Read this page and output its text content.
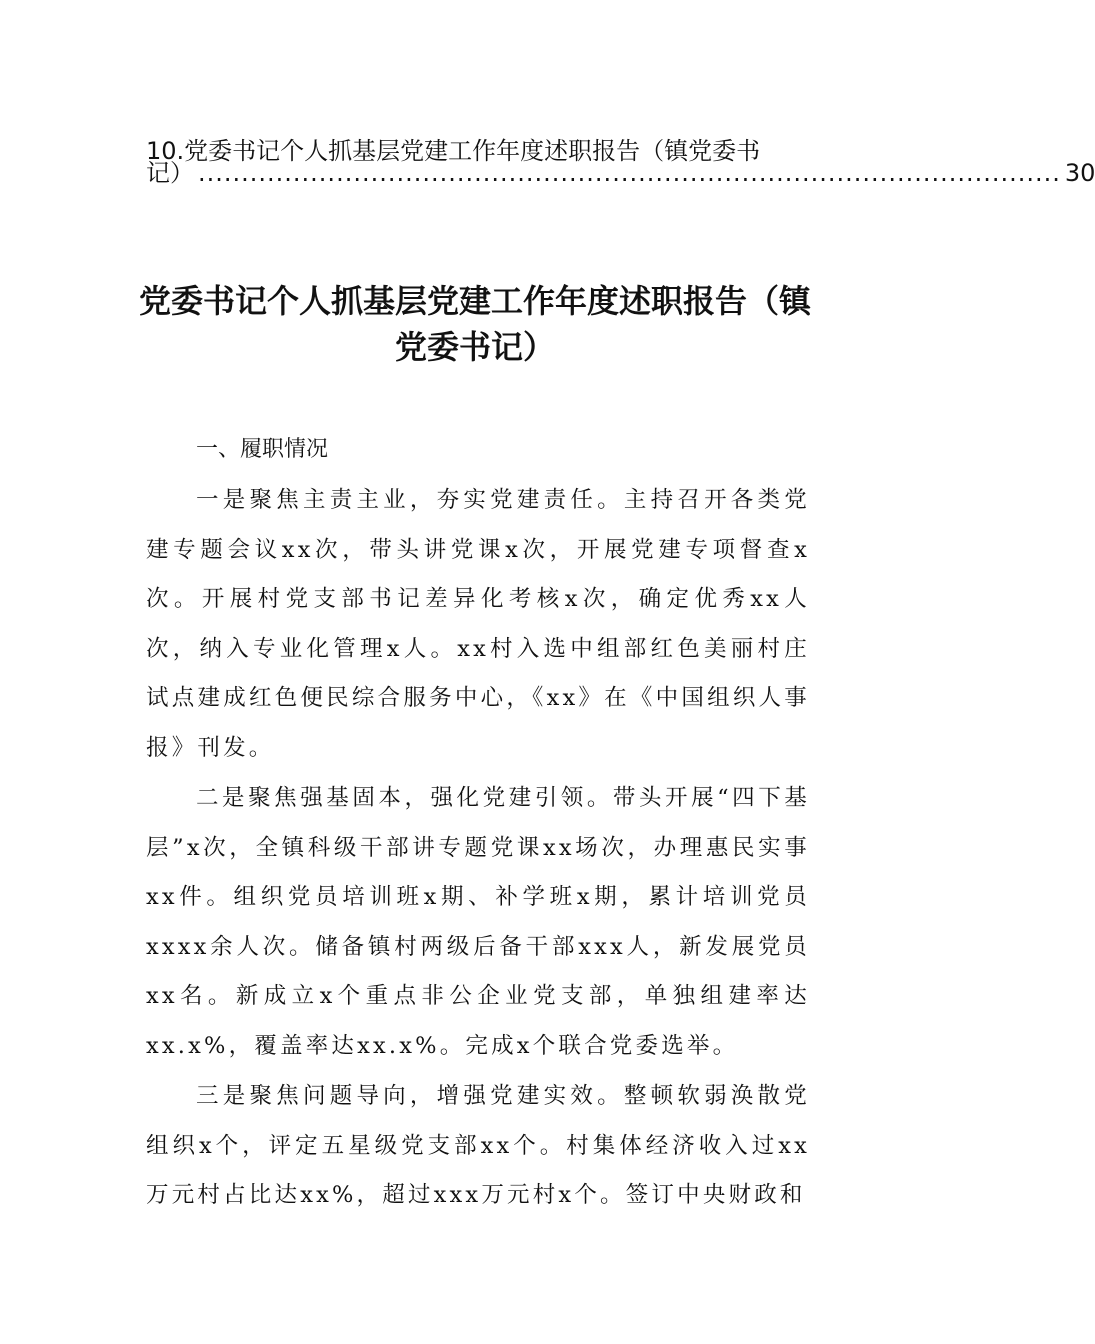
10.党委书记个人抓基层党建工作年度述职报告（镇党委书
记） .................................................................................................... 30
党委书记个人抓基层党建工作年度述职报告（镇党委书记）
一、履职情况

一是聚焦主责主业，夯实党建责任。主持召开各类党建专题会议xx次，带头讲党课x次，开展党建专项督查x次。开展村党支部书记差异化考核x次，确定优秀xx人次，纳入专业化管理x人。xx村入选中组部红色美丽村庄试点建成红色便民综合服务中心，《xx》在《中国组织人事报》刊发。

二是聚焦强基固本，强化党建引领。带头开展“四下基层”x次，全镇科级干部讲专题党课xx场次，办理惠民实事xx件。组织党员培训班x期、补学班x期，累计培训党员xxxx余人次。储备镇村两级后备干部xxx人，新发展党员xx名。新成立x个重点非公企业党支部，单独组建率达xx.x%，覆盖率达xx.x%。完成x个联合党委选举。

三是聚焦问题导向，增强党建实效。整顿软弱涣散党组织x个，评定五星级党支部xx个。村集体经济收入过xx万元村占比达xx%，超过xxx万元村x个。签订中央财政和
